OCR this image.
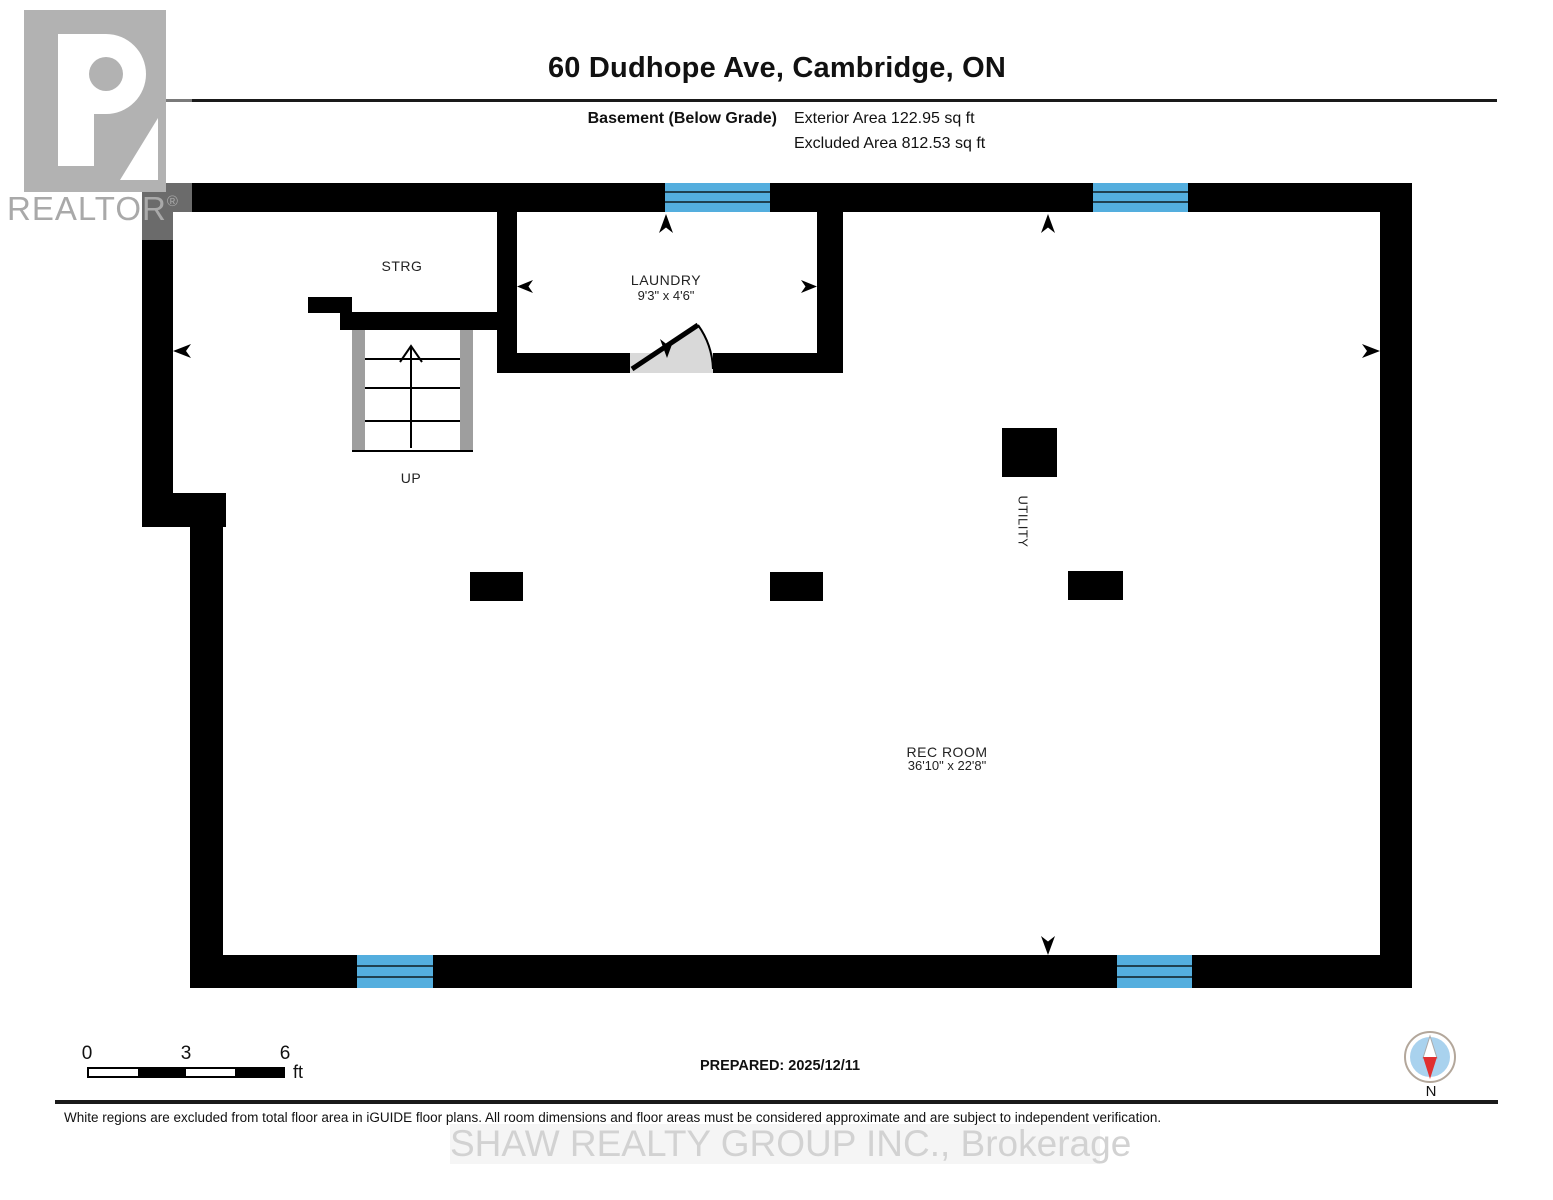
60 Dudhope Ave, Cambridge, ON
Basement (Below Grade) Exterior Area 122.95 sq ft
Excluded Area 812.53 sq ft
UP
STRG
LAUNDRY
9'3" x 4'6"
REC ROOM
36'10" x 22'8"
UTILITY
REALTOR®
0	3	6
ft	PREPARED: 2025/12/11
N
White regions are excluded from total floor area in iGUIDE floor plans. All room dimensions and floor areas must be considered approximate and are subject to independent verification.
SHAW REALTY GROUP INC., Brokerage
